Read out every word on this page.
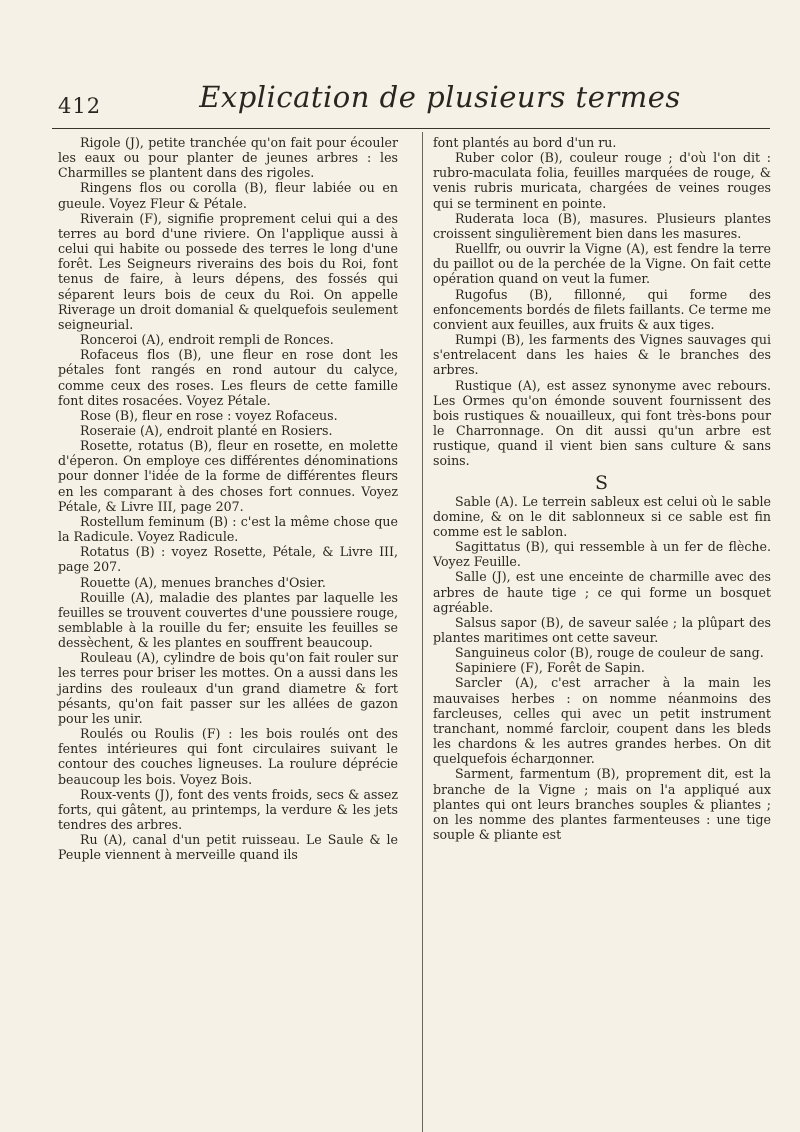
412	Explication de plusieurs termes

Rigole (J), petite tranchée qu'on fait pour écouler les eaux ou pour planter de jeunes arbres : les Charmilles se plantent dans des rigoles.

Ringens flos ou corolla (B), fleur labiée ou en gueule. Voyez Fleur & Pétale.

Riverain (F), signifie proprement celui qui a des terres au bord d'une riviere. On l'applique aussi à celui qui habite ou possede des terres le long d'une forêt. Les Seigneurs riverains des bois du Roi, font tenus de faire, à leurs dépens, des fossés qui séparent leurs bois de ceux du Roi. On appelle Riverage un droit domanial & quelquefois seulement seigneurial.

Ronceroi (A), endroit rempli de Ronces.

Rofaceus flos (B), une fleur en rose dont les pétales font rangés en rond autour du calyce, comme ceux des roses. Les fleurs de cette famille font dites rosacées. Voyez Pétale.

Rose (B), fleur en rose : voyez Rofaceus.

Roseraie (A), endroit planté en Rosiers.

Rosette, rotatus (B), fleur en rosette, en molette d'éperon. On employe ces différentes dénominations pour donner l'idée de la forme de différentes fleurs en les comparant à des choses fort connues. Voyez Pétale, & Livre III, page 207.

Rostellum feminum (B) : c'est la même chose que la Radicule. Voyez Radicule.

Rotatus (B) : voyez Rosette, Pétale, & Livre III, page 207.

Rouette (A), menues branches d'Osier.

Rouille (A), maladie des plantes par laquelle les feuilles se trouvent couvertes d'une poussiere rouge, semblable à la rouille du fer; ensuite les feuilles se dessèchent, & les plantes en souffrent beaucoup.

Rouleau (A), cylindre de bois qu'on fait rouler sur les terres pour briser les mottes. On a aussi dans les jardins des rouleaux d'un grand diametre & fort pésants, qu'on fait passer sur les allées de gazon pour les unir.

Roulés ou Roulis (F) : les bois roulés ont des fentes intérieures qui font circulaires suivant le contour des couches ligneuses. La roulure déprécie beaucoup les bois. Voyez Bois.

Roux-vents (J), font des vents froids, secs & assez forts, qui gâtent, au printemps, la verdure & les jets tendres des arbres.

Ru (A), canal d'un petit ruisseau. Le Saule & le Peuple viennent à merveille quand ils

font plantés au bord d'un ru.

Ruber color (B), couleur rouge ; d'où l'on dit : rubro-maculata folia, feuilles marquées de rouge, & venis rubris muricata, chargées de veines rouges qui se terminent en pointe.

Ruderata loca (B), masures. Plusieurs plantes croissent singulièrement bien dans les masures.

Ruellfr, ou ouvrir la Vigne (A), est fendre la terre du paillot ou de la perchée de la Vigne. On fait cette opération quand on veut la fumer.

Rugofus (B), fillonné, qui forme des enfoncements bordés de filets faillants. Ce terme me convient aux feuilles, aux fruits & aux tiges.

Rumpi (B), les farments des Vignes sauvages qui s'entrelacent dans les haies & le branches des arbres.

Rustique (A), est assez synonyme avec rebours. Les Ormes qu'on émonde souvent fournissent des bois rustiques & nouailleux, qui font très-bons pour le Charronnage. On dit aussi qu'un arbre est rustique, quand il vient bien sans culture & sans soins.

S

Sable (A). Le terrein sableux est celui où le sable domine, & on le dit sablonneux si ce sable est fin comme est le sablon.

Sagittatus (B), qui ressemble à un fer de flèche. Voyez Feuille.

Salle (J), est une enceinte de charmille avec des arbres de haute tige ; ce qui forme un bosquet agréable.

Salsus sapor (B), de saveur salée ; la plûpart des plantes maritimes ont cette saveur.

Sanguineus color (B), rouge de couleur de sang.

Sapiniere (F), Forêt de Sapin.

Sarcler (A), c'est arracher à la main les mauvaises herbes : on nomme néanmoins des farcleuses, celles qui avec un petit instrument tranchant, nommé farcloir, coupent dans les bleds les chardons & les autres grandes herbes. On dit quelquefois écharдonner.

Sarment, farmentum (B), proprement dit, est la branche de la Vigne ; mais on l'a appliqué aux plantes qui ont leurs branches souples & pliantes ; on les nomme des plantes farmenteuses : une tige souple & pliante est
